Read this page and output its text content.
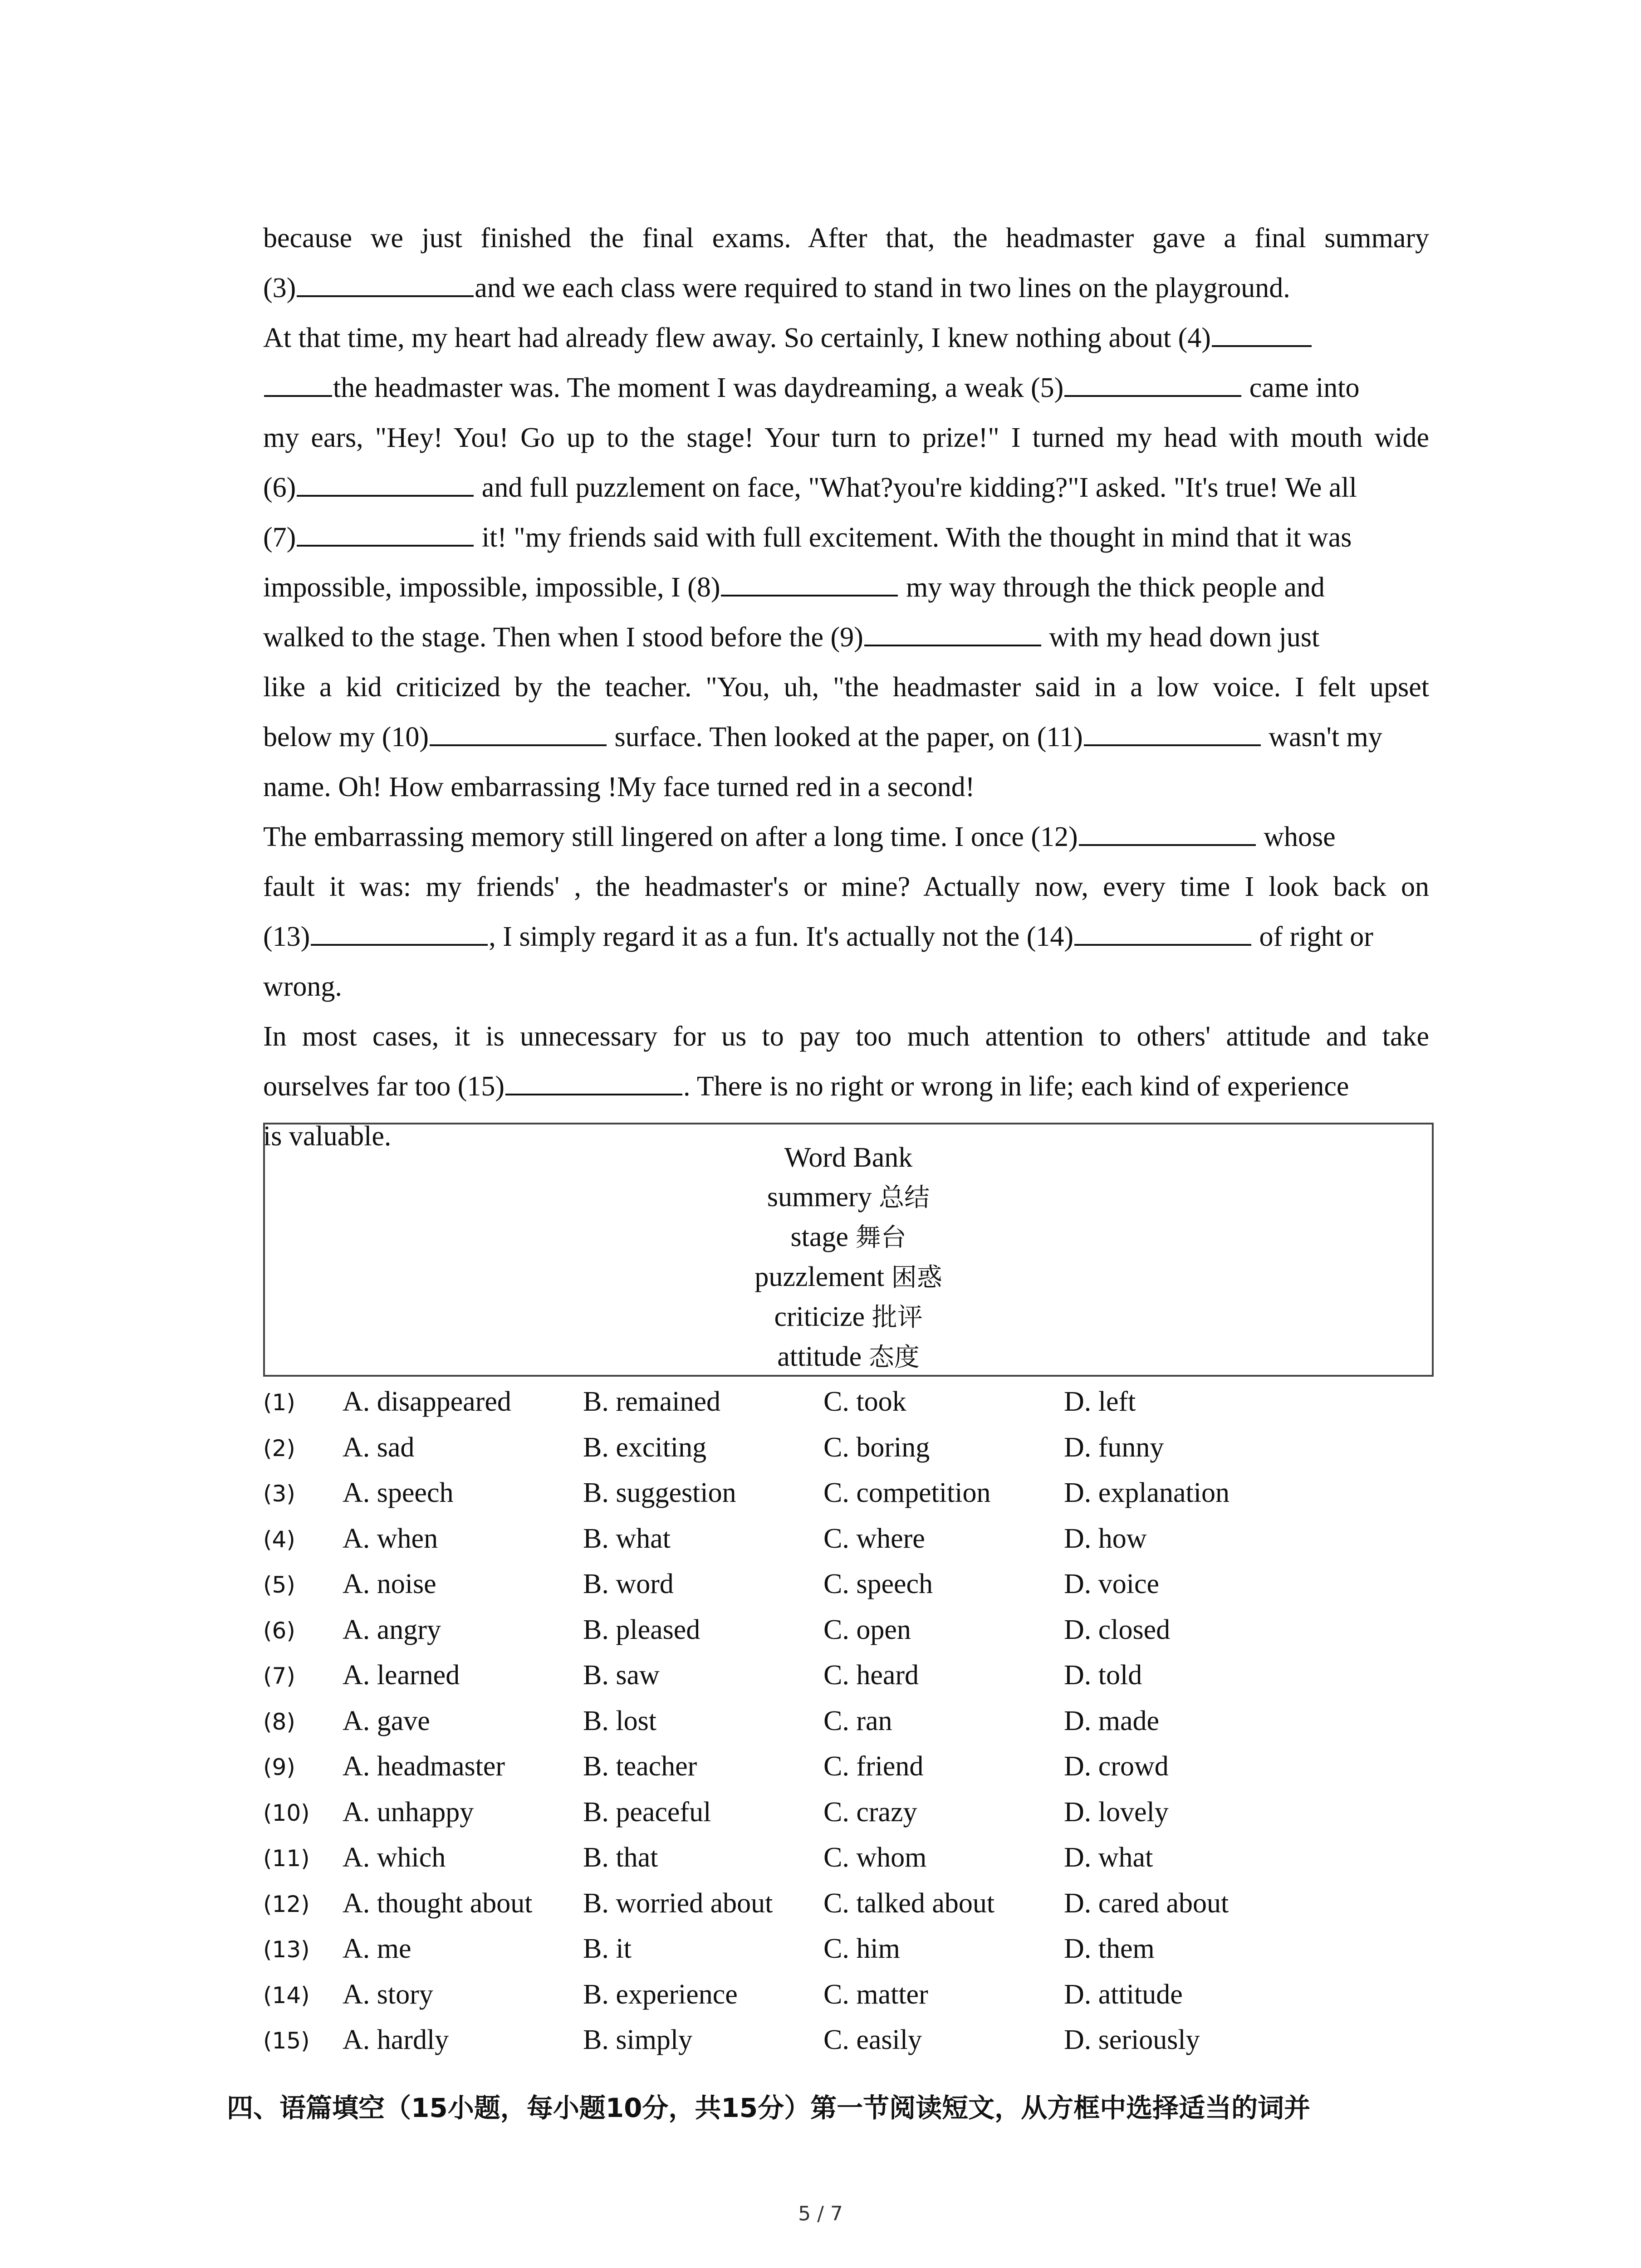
because we just finished the final exams. After that, the headmaster gave a final summary
(3)	and we each class were required to stand in two lines on the playground.
At that time, my heart had already flew away. So certainly, I knew nothing about (4)
the headmaster was. The moment I was daydreaming, a weak (5)	came into
my ears, "Hey! You! Go up to the stage! Your turn to prize!" I turned my head with mouth wide
(6)	and full puzzlement on face, "What?you're kidding?"I asked. "It's true! We all
(7)	it! "my friends said with full excitement. With the thought in mind that it was
impossible, impossible, impossible, I (8)	my way through the thick people and
walked to the stage. Then when I stood before the (9)	with my head down just
like a kid criticized by the teacher. "You, uh, "the headmaster said in a low voice. I felt upset
below my (10)	surface. Then looked at the paper, on (11)	wasn't my
name. Oh! How embarrassing !My face turned red in a second!
The embarrassing memory still lingered on after a long time. I once (12)	whose
fault it was: my friends' , the headmaster's or mine? Actually now, every time I look back on
(13)	, I simply regard it as a fun. It's actually not the (14)	of right or
wrong.
In most cases, it is unnecessary for us to pay too much attention to others' attitude and take
ourselves far too (15)	. There is no right or wrong in life; each kind of experience
is valuable.
Word Bank
summery 总结
stage 舞台
puzzlement 困惑
criticize 批评
attitude 态度
(1) A. disappeared	B. remained	C. took	D. left
(2) A. sad	B. exciting	C. boring	D. funny
(3) A. speech	B. suggestion	C. competition	D. explanation
(4) A. when	B. what	C. where	D. how
(5) A. noise	B. word	C. speech	D. voice
(6) A. angry	B. pleased	C. open	D. closed
(7) A. learned	B. saw	C. heard	D. told
(8) A. gave	B. lost	C. ran	D. made
(9) A. headmaster	B. teacher	C. friend	D. crowd
(10) A. unhappy	B. peaceful	C. crazy	D. lovely
(11) A. which	B. that	C. whom	D. what
(12) A. thought about B. worried about C. talked about D. cared about
(13) A. me	B. it	C. him	D. them
(14) A. story	B. experience	C. matter	D. attitude
(15) A. hardly	B. simply	C. easily	D. seriously
四、语篇填空（15小题，每小题10分，共15分）第一节阅读短文，从方框中选择适当的词并
5 / 7
